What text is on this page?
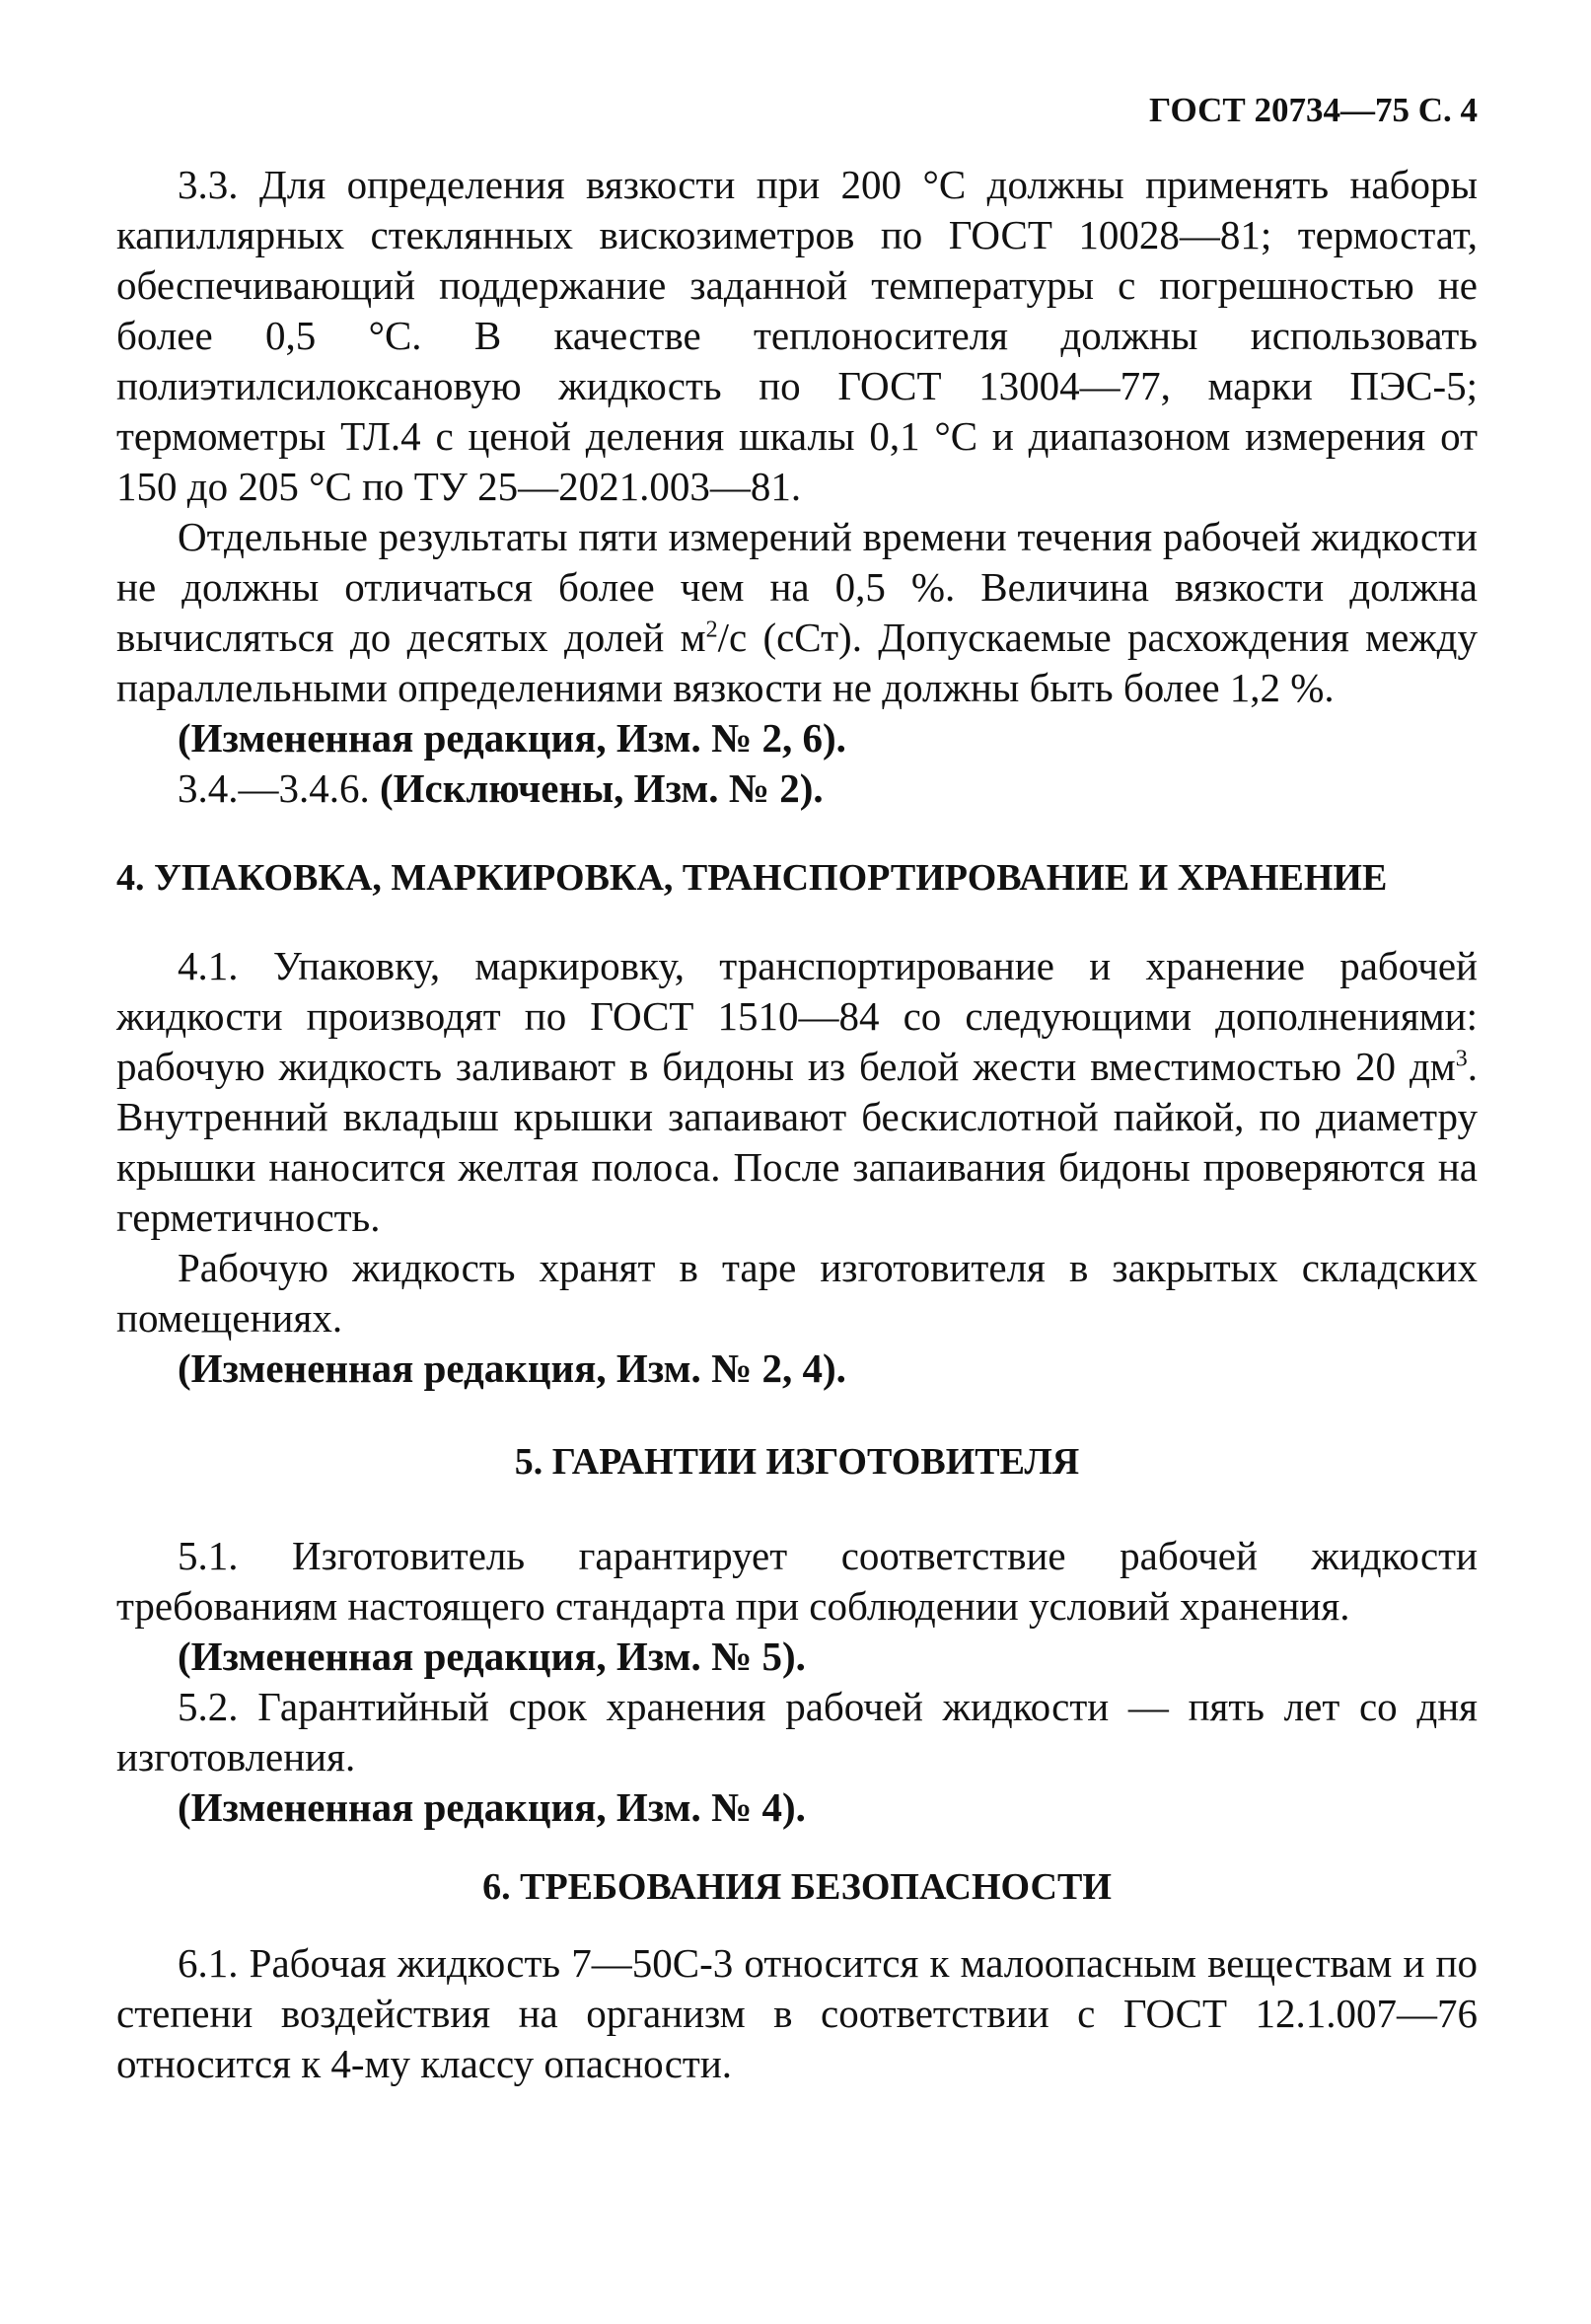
ГОСТ 20734—75 С. 4

3.3. Для определения вязкости при 200 °С должны применять наборы капиллярных стеклянных вискозиметров по ГОСТ 10028—81; термостат, обеспечивающий поддержание заданной температуры с погрешностью не более 0,5 °С. В качестве теплоносителя должны использовать полиэтилсилоксановую жидкость по ГОСТ 13004—77, марки ПЭС-5; термометры ТЛ.4 с ценой деления шкалы 0,1 °С и диапазоном измерения от 150 до 205 °С по ТУ 25—2021.003—81.

Отдельные результаты пяти измерений времени течения рабочей жидкости не должны отличаться более чем на 0,5 %. Величина вязкости должна вычисляться до десятых долей $м^2/с$ (сСт). Допускаемые расхождения между параллельными определениями вязкости не должны быть более 1,2 %.

(Измененная редакция, Изм. № 2, 6).

3.4.—3.4.6. (Исключены, Изм. № 2).

4. УПАКОВКА, МАРКИРОВКА, ТРАНСПОРТИРОВАНИЕ И ХРАНЕНИЕ

4.1. Упаковку, маркировку, транспортирование и хранение рабочей жидкости производят по ГОСТ 1510—84 со следующими дополнениями: рабочую жидкость заливают в бидоны из белой жести вместимостью 20 $дм^3$. Внутренний вкладыш крышки запаивают бескислотной пайкой, по диаметру крышки наносится желтая полоса. После запаивания бидоны проверяются на герметичность.

Рабочую жидкость хранят в таре изготовителя в закрытых складских помещениях.

(Измененная редакция, Изм. № 2, 4).

5. ГАРАНТИИ ИЗГОТОВИТЕЛЯ

5.1. Изготовитель гарантирует соответствие рабочей жидкости требованиям настоящего стандарта при соблюдении условий хранения.

(Измененная редакция, Изм. № 5).

5.2. Гарантийный срок хранения рабочей жидкости — пять лет со дня изготовления.

(Измененная редакция, Изм. № 4).

6. ТРЕБОВАНИЯ БЕЗОПАСНОСТИ

6.1. Рабочая жидкость 7—50С-3 относится к малоопасным веществам и по степени воздействия на организм в соответствии с ГОСТ 12.1.007—76 относится к 4-му классу опасности.
